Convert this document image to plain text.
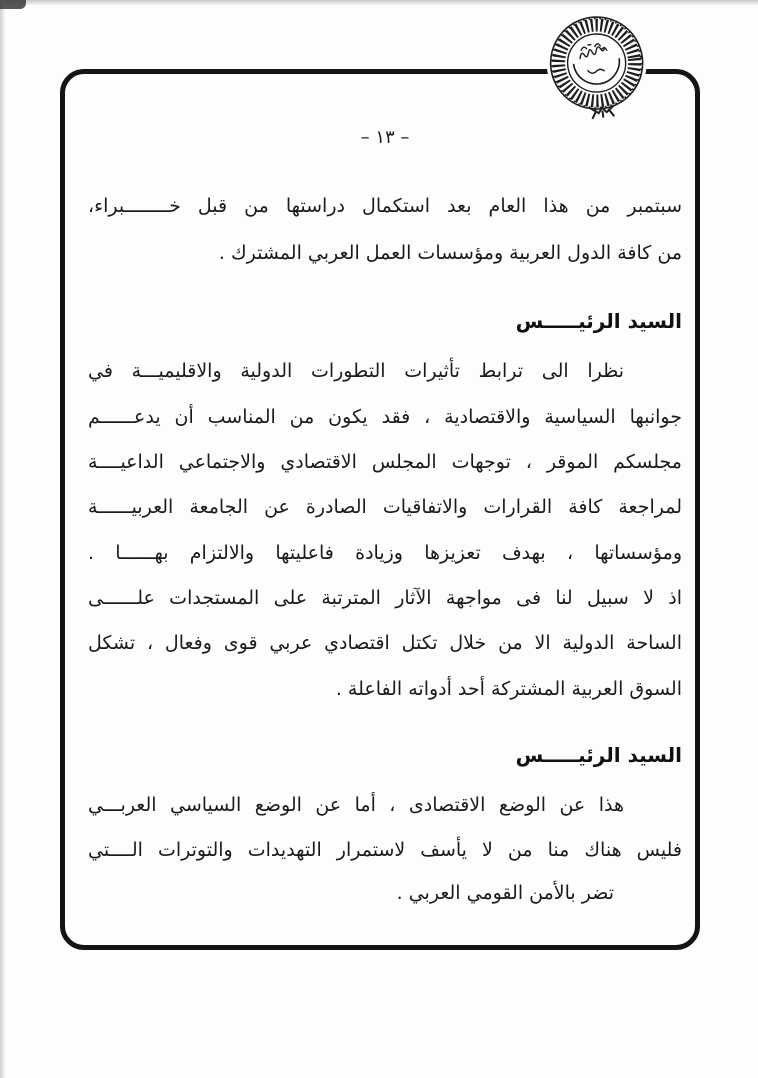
– ١٣ –
سبتمبر من هذا العام بعد استكمال دراستها من قبل خــــــــبراء،
من كافة الدول العربية ومؤسسات العمل العربي المشترك .
السيد الرئيـــــس
نظرا الى ترابط تأثيرات التطورات الدولية والاقليميـــة في
جوانبها السياسية والاقتصادية ، فقد يكون من المناسب أن يدعــــــم
مجلسكم الموقر ، توجهات المجلس الاقتصادي والاجتماعي الداعيــــة
لمراجعة كافة القرارات والاتفاقيات الصادرة عن الجامعة العربيــــــة
ومؤسساتها ، بهدف تعزيزها وزيادة فاعليتها والالتزام بهــــــا .
اذ لا سبيل لنا فى مواجهة الآثار المترتبة على المستجدات علــــــى
الساحة الدولية الا من خلال تكتل اقتصادي عربي قوى وفعال ، تشكل
السوق العربية المشتركة أحد أدواته الفاعلة .
السيد الرئيـــــس
هذا عن الوضع الاقتصادى ، أما عن الوضع السياسي العربـــي
فليس هناك منا من لا يأسف لاستمرار التهديدات والتوترات الــــتي
تضر بالأمن القومي العربي .
